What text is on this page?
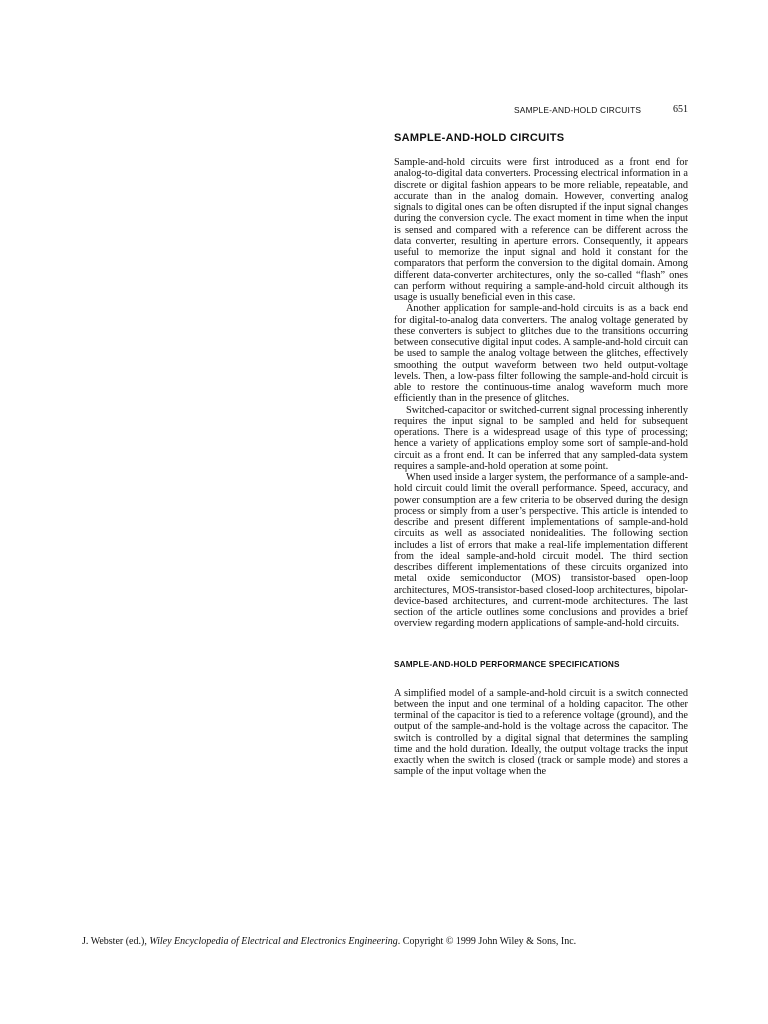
SAMPLE-AND-HOLD CIRCUITS	651
SAMPLE-AND-HOLD CIRCUITS

Sample-and-hold circuits were first introduced as a front end for analog-to-digital data converters. Processing electrical information in a discrete or digital fashion appears to be more reliable, repeatable, and accurate than in the analog domain. However, converting analog signals to digital ones can be often disrupted if the input signal changes during the conversion cycle. The exact moment in time when the input is sensed and compared with a reference can be different across the data converter, resulting in aperture errors. Consequently, it appears useful to memorize the input signal and hold it constant for the comparators that perform the conversion to the digital domain. Among different data-converter architectures, only the so-called “flash” ones can perform without requiring a sample-and-hold circuit although its usage is usually beneficial even in this case.

Another application for sample-and-hold circuits is as a back end for digital-to-analog data converters. The analog voltage generated by these converters is subject to glitches due to the transitions occurring between consecutive digital input codes. A sample-and-hold circuit can be used to sample the analog voltage between the glitches, effectively smoothing the output waveform between two held output-voltage levels. Then, a low-pass filter following the sample-and-hold circuit is able to restore the continuous-time analog waveform much more efficiently than in the presence of glitches.

Switched-capacitor or switched-current signal processing inherently requires the input signal to be sampled and held for subsequent operations. There is a widespread usage of this type of processing; hence a variety of applications employ some sort of sample-and-hold circuit as a front end. It can be inferred that any sampled-data system requires a sample-and-hold operation at some point.

When used inside a larger system, the performance of a sample-and-hold circuit could limit the overall performance. Speed, accuracy, and power consumption are a few criteria to be observed during the design process or simply from a user’s perspective. This article is intended to describe and present different implementations of sample-and-hold circuits as well as associated nonidealities. The following section includes a list of errors that make a real-life implementation different from the ideal sample-and-hold circuit model. The third section describes different implementations of these circuits organized into metal oxide semiconductor (MOS) transistor-based open-loop architectures, MOS-transistor-based closed-loop architectures, bipolar-device-based architectures, and current-mode architectures. The last section of the article outlines some conclusions and provides a brief overview regarding modern applications of sample-and-hold circuits.

SAMPLE-AND-HOLD PERFORMANCE SPECIFICATIONS

A simplified model of a sample-and-hold circuit is a switch connected between the input and one terminal of a holding capacitor. The other terminal of the capacitor is tied to a reference voltage (ground), and the output of the sample-and-hold is the voltage across the capacitor. The switch is controlled by a digital signal that determines the sampling time and the hold duration. Ideally, the output voltage tracks the input exactly when the switch is closed (track or sample mode) and stores a sample of the input voltage when the

J. Webster (ed.), Wiley Encyclopedia of Electrical and Electronics Engineering. Copyright © 1999 John Wiley & Sons, Inc.
